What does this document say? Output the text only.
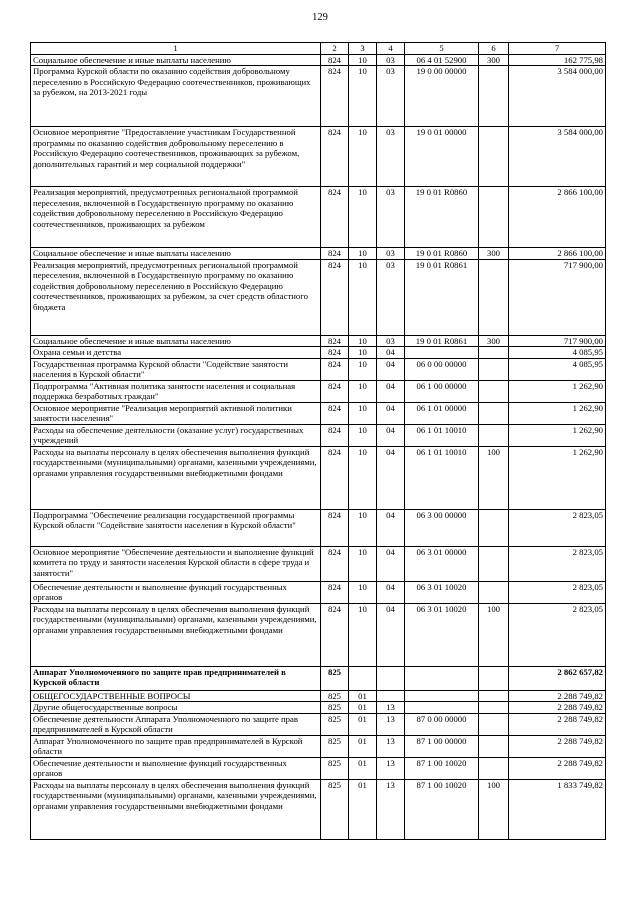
129
1	2	3	4	5	6	7
Социальное обеспечение и иные выплаты населению	824	10	03	06 4 01 52900	300	162 775,98
Программа Курской области по оказанию содействия добровольному переселению в Российскую Федерацию соотечественников, проживающих за рубежом, на 2013-2021 годы	824	10	03	19 0 00 00000		3 584 000,00
Основное мероприятие "Предоставление участникам Государственной программы по оказанию содействия добровольному переселению в Российскую Федерацию соотечественников, проживающих за рубежом, дополнительных гарантий и мер социальной поддержки"	824	10	03	19 0 01 00000		3 584 000,00
Реализация мероприятий, предусмотренных региональной программой переселения, включенной в Государственную программу по оказанию содействия добровольному переселению в Российскую Федерацию соотечественников, проживающих за рубежом	824	10	03	19 0 01 R0860		2 866 100,00
Социальное обеспечение и иные выплаты населению	824	10	03	19 0 01 R0860	300	2 866 100,00
Реализация мероприятий, предусмотренных региональной программой переселения, включенной в Государственную программу по оказанию содействия добровольному переселению в Российскую Федерацию соотечественников, проживающих за рубежом, за счет средств областного бюджета	824	10	03	19 0 01 R0861		717 900,00
Социальное обеспечение и иные выплаты населению	824	10	03	19 0 01 R0861	300	717 900,00
Охрана семьи и детства	824	10	04			4 085,95
Государственная программа Курской области "Содействие занятости населения в Курской области"	824	10	04	06 0 00 00000		4 085,95
Подпрограмма "Активная политика занятости населения и социальная поддержка безработных граждан"	824	10	04	06 1 00 00000		1 262,90
Основное мероприятие "Реализация мероприятий активной политики занятости населения"	824	10	04	06 1 01 00000		1 262,90
Расходы на обеспечение деятельности (оказание услуг) государственных учреждений	824	10	04	06 1 01 10010		1 262,90
Расходы на выплаты персоналу в целях обеспечения выполнения функций государственными (муниципальными) органами, казенными учреждениями, органами управления государственными внебюджетными фондами	824	10	04	06 1 01 10010	100	1 262,90
Подпрограмма "Обеспечение реализации государственной программы Курской области "Содействие занятости населения в Курской области"	824	10	04	06 3 00 00000		2 823,05
Основное мероприятие "Обеспечение деятельности и выполнение функций комитета по труду и занятости населения Курской области в сфере труда и занятости"	824	10	04	06 3 01 00000		2 823,05
Обеспечение деятельности и выполнение функций государственных органов	824	10	04	06 3 01 10020		2 823,05
Расходы на выплаты персоналу в целях обеспечения выполнения функций государственными (муниципальными) органами, казенными учреждениями, органами управления государственными внебюджетными фондами	824	10	04	06 3 01 10020	100	2 823,05
Аппарат Уполномоченного по защите прав предпринимателей в Курской области	825					2 862 657,82
ОБЩЕГОСУДАРСТВЕННЫЕ ВОПРОСЫ	825	01				2 288 749,82
Другие общегосударственные вопросы	825	01	13			2 288 749,82
Обеспечение деятельности Аппарата Уполномоченного по защите прав предпринимателей в Курской области	825	01	13	87 0 00 00000		2 288 749,82
Аппарат Уполномоченного по защите прав предпринимателей в Курской области	825	01	13	87 1 00 00000		2 288 749,82
Обеспечение деятельности и выполнение функций государственных органов	825	01	13	87 1 00 10020		2 288 749,82
Расходы на выплаты персоналу в целях обеспечения выполнения функций государственными (муниципальными) органами, казенными учреждениями, органами управления государственными внебюджетными фондами	825	01	13	87 1 00 10020	100	1 833 749,82
